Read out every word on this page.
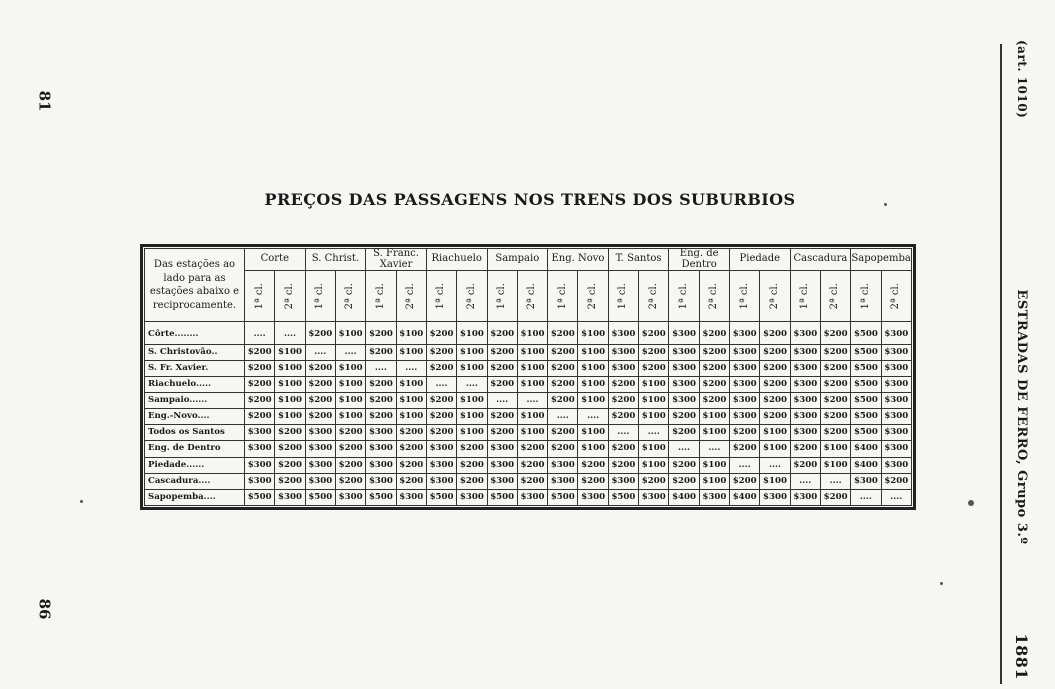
81
86
(art. 1010)
ESTRADAS DE FERRO, Grupo 3.º
1881
PREÇOS DAS PASSAGENS NOS TRENS DOS SUBURBIOS
Das estações ao
lado para as
estações abaixo e
reciprocamente.	Corte		S. Christ.		S. Franc. Xavier		Riachuelo		Sampaio		Eng. Novo		T. Santos		Eng. de Dentro		Piedade		Cascadura		Sapopemba	
	1ª cl.	2ª cl.	1ª cl.	2ª cl.	1ª cl.	2ª cl.	1ª cl.	2ª cl.	1ª cl.	2ª cl.	1ª cl.	2ª cl.	1ª cl.	2ª cl.	1ª cl.	2ª cl.	1ª cl.	2ª cl.	1ª cl.	2ª cl.	1ª cl.	2ª cl.
Côrte........	....	....	$200	$100	$200	$100	$200	$100	$200	$100	$200	$100	$300	$200	$300	$200	$300	$200	$300	$200	$500	$300
S. Christovão..	$200	$100	....	....	$200	$100	$200	$100	$200	$100	$200	$100	$300	$200	$300	$200	$300	$200	$300	$200	$500	$300
S. Fr. Xavier.	$200	$100	$200	$100	....	....	$200	$100	$200	$100	$200	$100	$300	$200	$300	$200	$300	$200	$300	$200	$500	$300
Riachuelo.....	$200	$100	$200	$100	$200	$100	....	....	$200	$100	$200	$100	$200	$100	$300	$200	$300	$200	$300	$200	$500	$300
Sampaio......	$200	$100	$200	$100	$200	$100	$200	$100	....	....	$200	$100	$200	$100	$300	$200	$300	$200	$300	$200	$500	$300
Eng.-Novo....	$200	$100	$200	$100	$200	$100	$200	$100	$200	$100	....	....	$200	$100	$200	$100	$300	$200	$300	$200	$500	$300
Todos os Santos	$300	$200	$300	$200	$300	$200	$200	$100	$200	$100	$200	$100	....	....	$200	$100	$200	$100	$300	$200	$500	$300
Eng. de Dentro	$300	$200	$300	$200	$300	$200	$300	$200	$300	$200	$200	$100	$200	$100	....	....	$200	$100	$200	$100	$400	$300
Piedade......	$300	$200	$300	$200	$300	$200	$300	$200	$300	$200	$300	$200	$200	$100	$200	$100	....	....	$200	$100	$400	$300
Cascadura....	$300	$200	$300	$200	$300	$200	$300	$200	$300	$200	$300	$200	$300	$200	$200	$100	$200	$100	....	....	$300	$200
Sapopemba....	$500	$300	$500	$300	$500	$300	$500	$300	$500	$300	$500	$300	$500	$300	$400	$300	$400	$300	$300	$200	....	....
